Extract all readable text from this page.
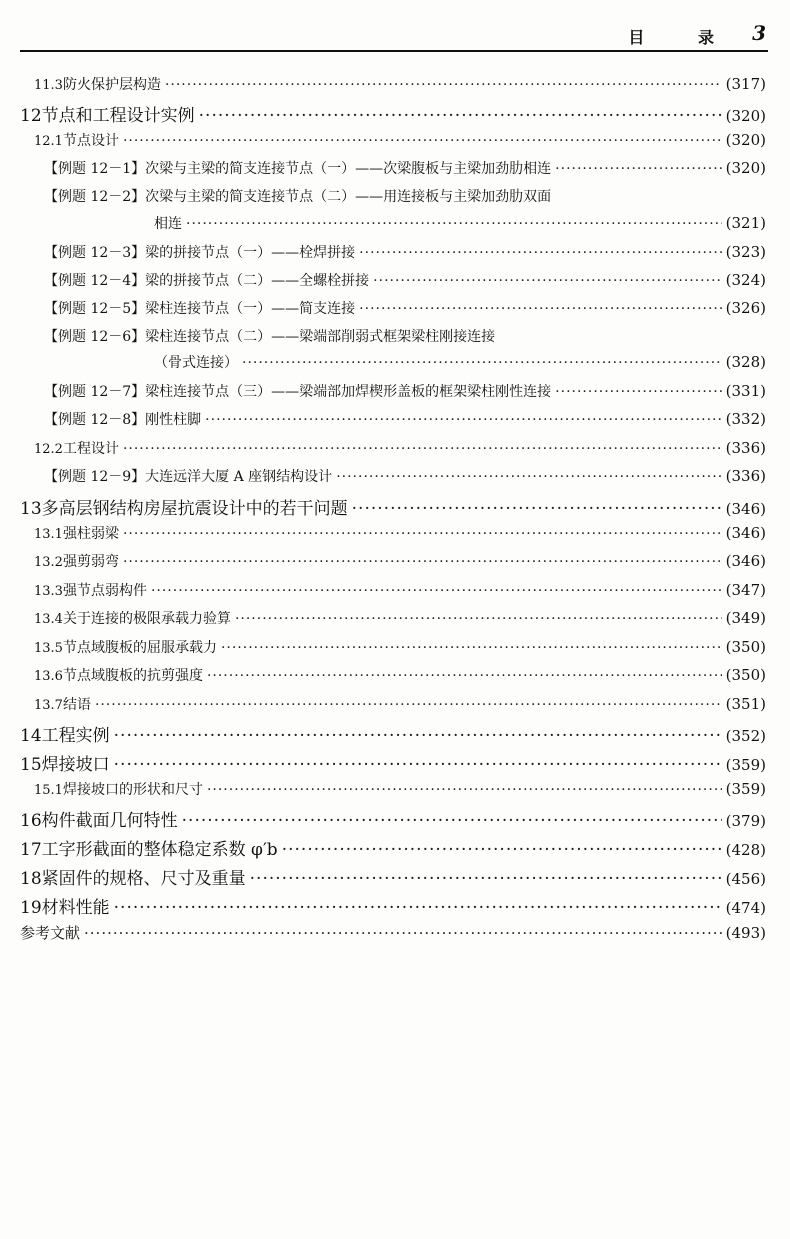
目 录 3
11.3 防火保护层构造 ·····	(317)
12 节点和工程设计实例 ·····	(320)
12.1 节点设计 ·····	(320)
【例题 12－1】 次梁与主梁的简支连接节点（一）——次梁腹板与主梁加劲肋相连 ·····	(320)
【例题 12－2】 次梁与主梁的简支连接节点（二）——用连接板与主梁加劲肋双面
相连 ·····	(321)
【例题 12－3】 梁的拼接节点（一）——栓焊拼接 ·····	(323)
【例题 12－4】 梁的拼接节点（二）——全螺栓拼接 ·····	(324)
【例题 12－5】 梁柱连接节点（一）——简支连接 ·····	(326)
【例题 12－6】 梁柱连接节点（二）——梁端部削弱式框架梁柱刚接连接
（骨式连接） ·····	(328)
【例题 12－7】 梁柱连接节点（三）——梁端部加焊楔形盖板的框架梁柱刚性连接 ·····	(331)
【例题 12－8】 刚性柱脚 ·····	(332)
12.2 工程设计 ·····	(336)
【例题 12－9】 大连远洋大厦 A 座钢结构设计 ·····	(336)
13 多高层钢结构房屋抗震设计中的若干问题 ·····	(346)
13.1 强柱弱梁 ·····	(346)
13.2 强剪弱弯 ·····	(346)
13.3 强节点弱构件 ·····	(347)
13.4 关于连接的极限承载力验算 ·····	(349)
13.5 节点域腹板的屈服承载力 ·····	(350)
13.6 节点域腹板的抗剪强度 ·····	(350)
13.7 结语 ·····	(351)
14 工程实例 ·····	(352)
15 焊接坡口 ·····	(359)
15.1 焊接坡口的形状和尺寸 ·····	(359)
16 构件截面几何特性 ·····	(379)
17 工字形截面的整体稳定系数 φ′b ·····	(428)
18 紧固件的规格、尺寸及重量 ·····	(456)
19 材料性能 ·····	(474)
参考文献 ·····	(493)
